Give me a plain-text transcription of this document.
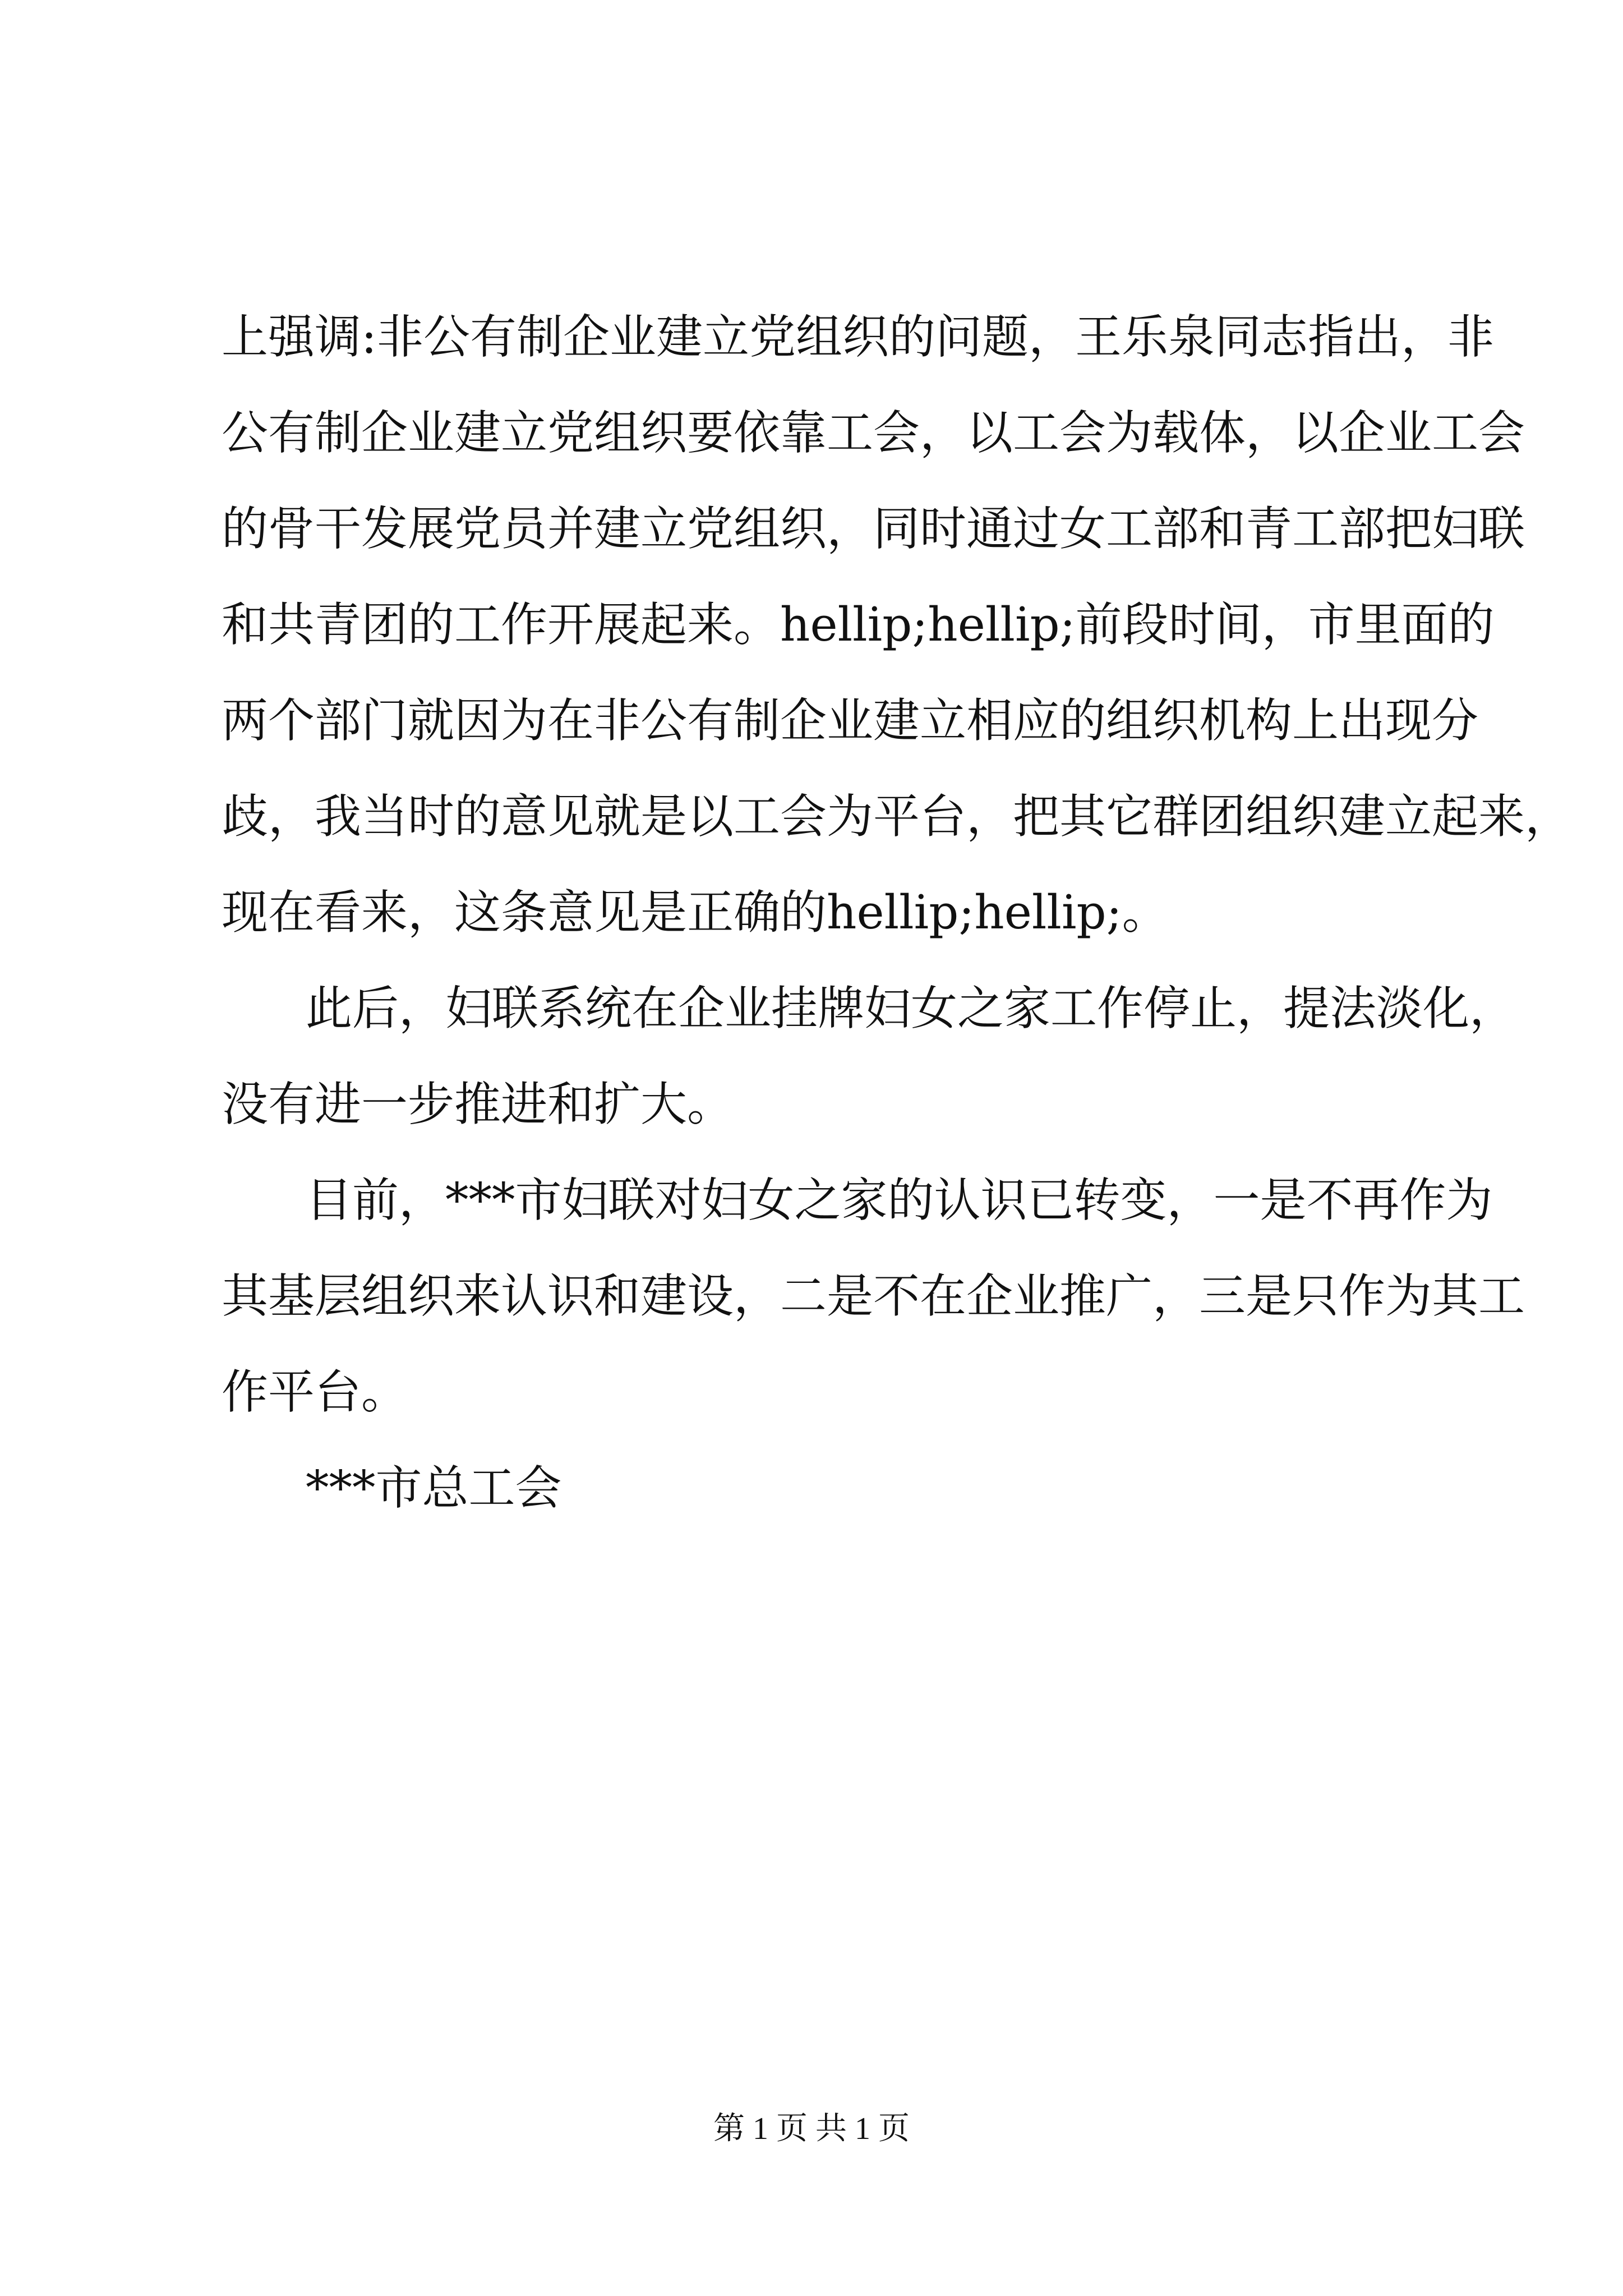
上强调:非公有制企业建立党组织的问题，王乐泉同志指出，非
公有制企业建立党组织要依靠工会，以工会为载体，以企业工会
的骨干发展党员并建立党组织，同时通过女工部和青工部把妇联
和共青团的工作开展起来。hellip;hellip;前段时间，市里面的
两个部门就因为在非公有制企业建立相应的组织机构上出现分
歧，我当时的意见就是以工会为平台，把其它群团组织建立起来，
现在看来，这条意见是正确的hellip;hellip;。
此后，妇联系统在企业挂牌妇女之家工作停止，提法淡化，
没有进一步推进和扩大。
目前，***市妇联对妇女之家的认识已转变，一是不再作为
其基层组织来认识和建设，二是不在企业推广，三是只作为其工
作平台。
***市总工会
第 1 页 共 1 页
